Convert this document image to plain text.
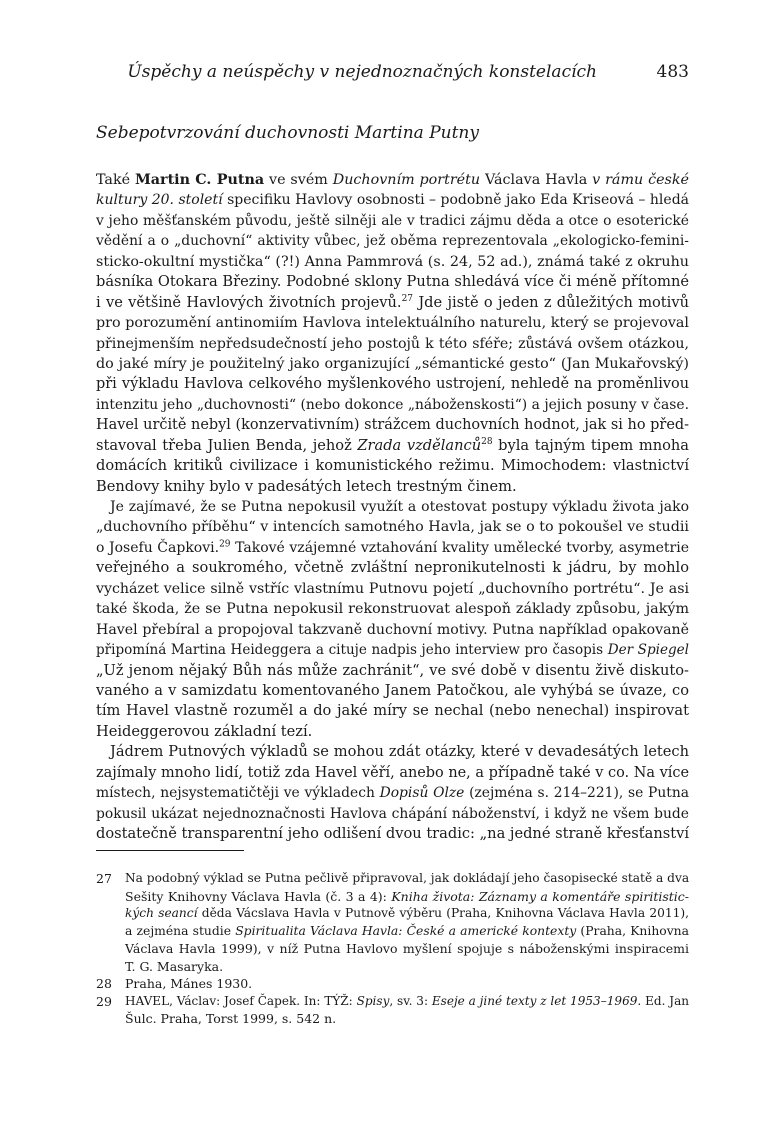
Úspěchy a neúspěchy v nejednoznačných konstelacích	483
Sebepotvrzování duchovnosti Martina Putny
Také Martin C. Putna ve svém Duchovním portrétu Václava Havla v rámu české
kultury 20. století specifiku Havlovy osobnosti – podobně jako Eda Kriseová – hledá
v jeho měšťanském původu, ještě silněji ale v tradici zájmu děda a otce o esoterické
vědění a o „duchovní“ aktivity vůbec, jež oběma reprezentovala „ekologicko-femini-
sticko-okultní mystička“ (?!) Anna Pammrová (s. 24, 52 ad.), známá také z okruhu
básníka Otokara Březiny. Podobné sklony Putna shledává více či méně přítomné
i ve většině Havlových životních projevů.$^{27}$ Jde jistě o jeden z důležitých motivů
pro porozumění antinomiím Havlova intelektuálního naturelu, který se projevoval
přinejmenším nepředsudečností jeho postojů k této sféře; zůstává ovšem otázkou,
do jaké míry je použitelný jako organizující „sémantické gesto“ (Jan Mukařovský)
při výkladu Havlova celkového myšlenkového ustrojení, nehledě na proměnlivou
intenzitu jeho „duchovnosti“ (nebo dokonce „náboženskosti“) a jejich posuny v čase.
Havel určitě nebyl (konzervativním) strážcem duchovních hodnot, jak si ho před-
stavoval třeba Julien Benda, jehož Zrada vzdělanců$^{28}$ byla tajným tipem mnoha
domácích kritiků civilizace i komunistického režimu. Mimochodem: vlastnictví
Bendovy knihy bylo v padesátých letech trestným činem.
Je zajímavé, že se Putna nepokusil využít a otestovat postupy výkladu života jako
„duchovního příběhu“ v intencích samotného Havla, jak se o to pokoušel ve studii
o Josefu Čapkovi.$^{29}$ Takové vzájemné vztahování kvality umělecké tvorby, asymetrie
veřejného a soukromého, včetně zvláštní nepronikutelnosti k jádru, by mohlo
vycházet velice silně vstříc vlastnímu Putnovu pojetí „duchovního portrétu“. Je asi
také škoda, že se Putna nepokusil rekonstruovat alespoň základy způsobu, jakým
Havel přebíral a propojoval takzvaně duchovní motivy. Putna například opakovaně
připomíná Martina Heideggera a cituje nadpis jeho interview pro časopis Der Spiegel
„Už jenom nějaký Bůh nás může zachránit“, ve své době v disentu živě diskuto-
vaného a v samizdatu komentovaného Janem Patočkou, ale vyhýbá se úvaze, co
tím Havel vlastně rozuměl a do jaké míry se nechal (nebo nenechal) inspirovat
Heideggerovou základní tezí.
Jádrem Putnových výkladů se mohou zdát otázky, které v devadesátých letech
zajímaly mnoho lidí, totiž zda Havel věří, anebo ne, a případně také v co. Na více
místech, nejsystematičtěji ve výkladech Dopisů Olze (zejména s. 214–221), se Putna
pokusil ukázat nejednoznačnosti Havlova chápání náboženství, i když ne všem bude
dostatečně transparentní jeho odlišení dvou tradic: „na jedné straně křesťanství
27 Na podobný výklad se Putna pečlivě připravoval, jak dokládají jeho časopisecké statě a dva
Sešity Knihovny Václava Havla (č. 3 a 4): Kniha života: Záznamy a komentáře spiritistic-
kých seancí děda Vácslava Havla v Putnově výběru (Praha, Knihovna Václava Havla 2011),
a zejména studie Spiritualita Václava Havla: České a americké kontexty (Praha, Knihovna
Václava Havla 1999), v níž Putna Havlovo myšlení spojuje s náboženskými inspiracemi
T. G. Masaryka.
28 Praha, Mánes 1930.
29 HAVEL, Václav: Josef Čapek. In: TÝŽ: Spisy, sv. 3: Eseje a jiné texty z let 1953–1969. Ed. Jan
Šulc. Praha, Torst 1999, s. 542 n.
